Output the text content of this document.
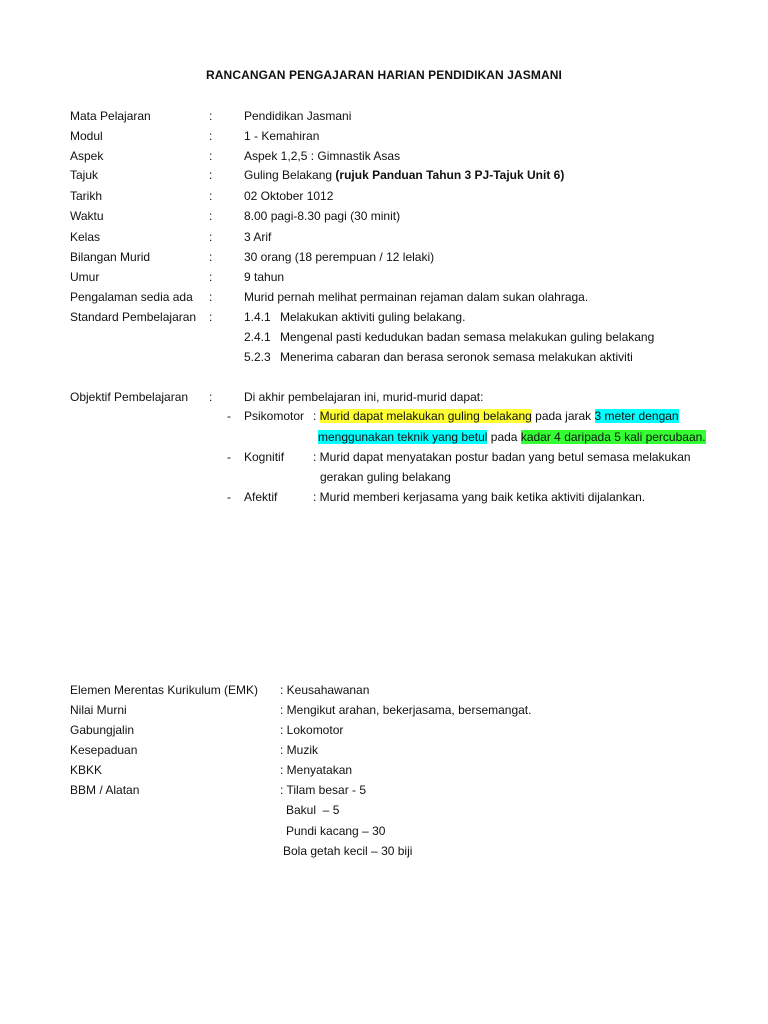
RANCANGAN PENGAJARAN HARIAN PENDIDIKAN JASMANI
Mata Pelajaran	:	Pendidikan Jasmani
Modul	:	1 - Kemahiran
Aspek	:	Aspek 1,2,5 : Gimnastik Asas
Tajuk	:	Guling Belakang (rujuk Panduan Tahun 3 PJ-Tajuk Unit 6)
Tarikh	:	02 Oktober 1012
Waktu	:	8.00 pagi-8.30 pagi (30 minit)
Kelas	:	3 Arif
Bilangan Murid	:	30 orang (18 perempuan / 12 lelaki)
Umur	:	9 tahun
Pengalaman sedia ada :	Murid pernah melihat permainan rejaman dalam sukan olahraga.
Standard Pembelajaran :	1.4.1 Melakukan aktiviti guling belakang.
2.4.1 Mengenal pasti kedudukan badan semasa melakukan guling belakang
5.2.3 Menerima cabaran dan berasa seronok semasa melakukan aktiviti
Objektif Pembelajaran :	Di akhir pembelajaran ini, murid-murid dapat:
- Psikomotor : Murid dapat melakukan guling belakang pada jarak 3 meter dengan
menggunakan teknik yang betul pada kadar 4 daripada 5 kali percubaan.
- Kognitif : Murid dapat menyatakan postur badan yang betul semasa melakukan
gerakan guling belakang
- Afektif	: Murid memberi kerjasama yang baik ketika aktiviti dijalankan.
Elemen Merentas Kurikulum (EMK) : Keusahawanan
Nilai Murni	: Mengikut arahan, bekerjasama, bersemangat.
Gabungjalin	: Lokomotor
Kesepaduan	: Muzik
KBKK	: Menyatakan
BBM / Alatan	: Tilam besar - 5
Bakul  – 5
Pundi kacang – 30
Bola getah kecil – 30 biji
